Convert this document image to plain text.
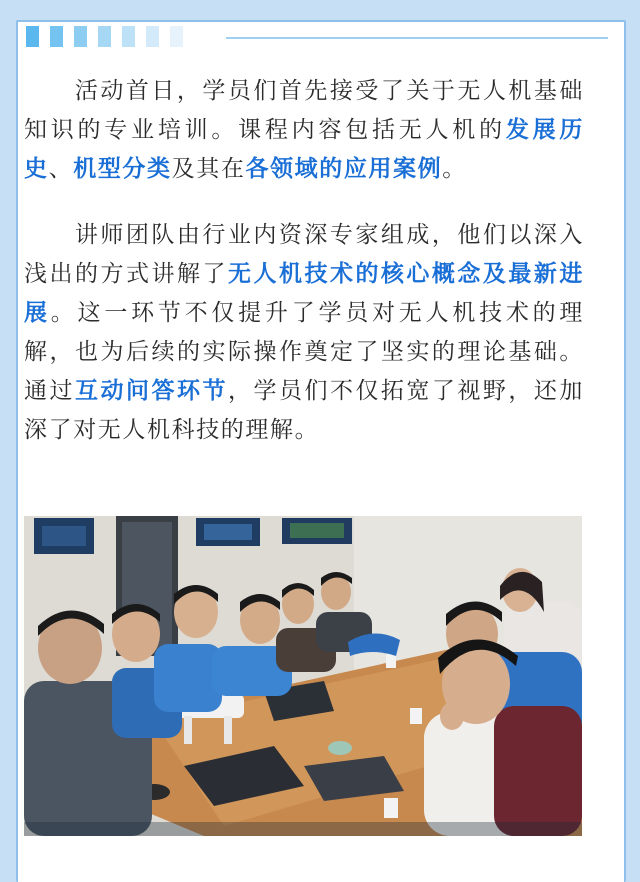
活动首日，学员们首先接受了关于无人机基础知识的专业培训。课程内容包括无人机的发展历史、机型分类及其在各领域的应用案例。

讲师团队由行业内资深专家组成，他们以深入浅出的方式讲解了无人机技术的核心概念及最新进展。这一环节不仅提升了学员对无人机技术的理解，也为后续的实际操作奠定了坚实的理论基础。通过互动问答环节，学员们不仅拓宽了视野，还加深了对无人机科技的理解。
